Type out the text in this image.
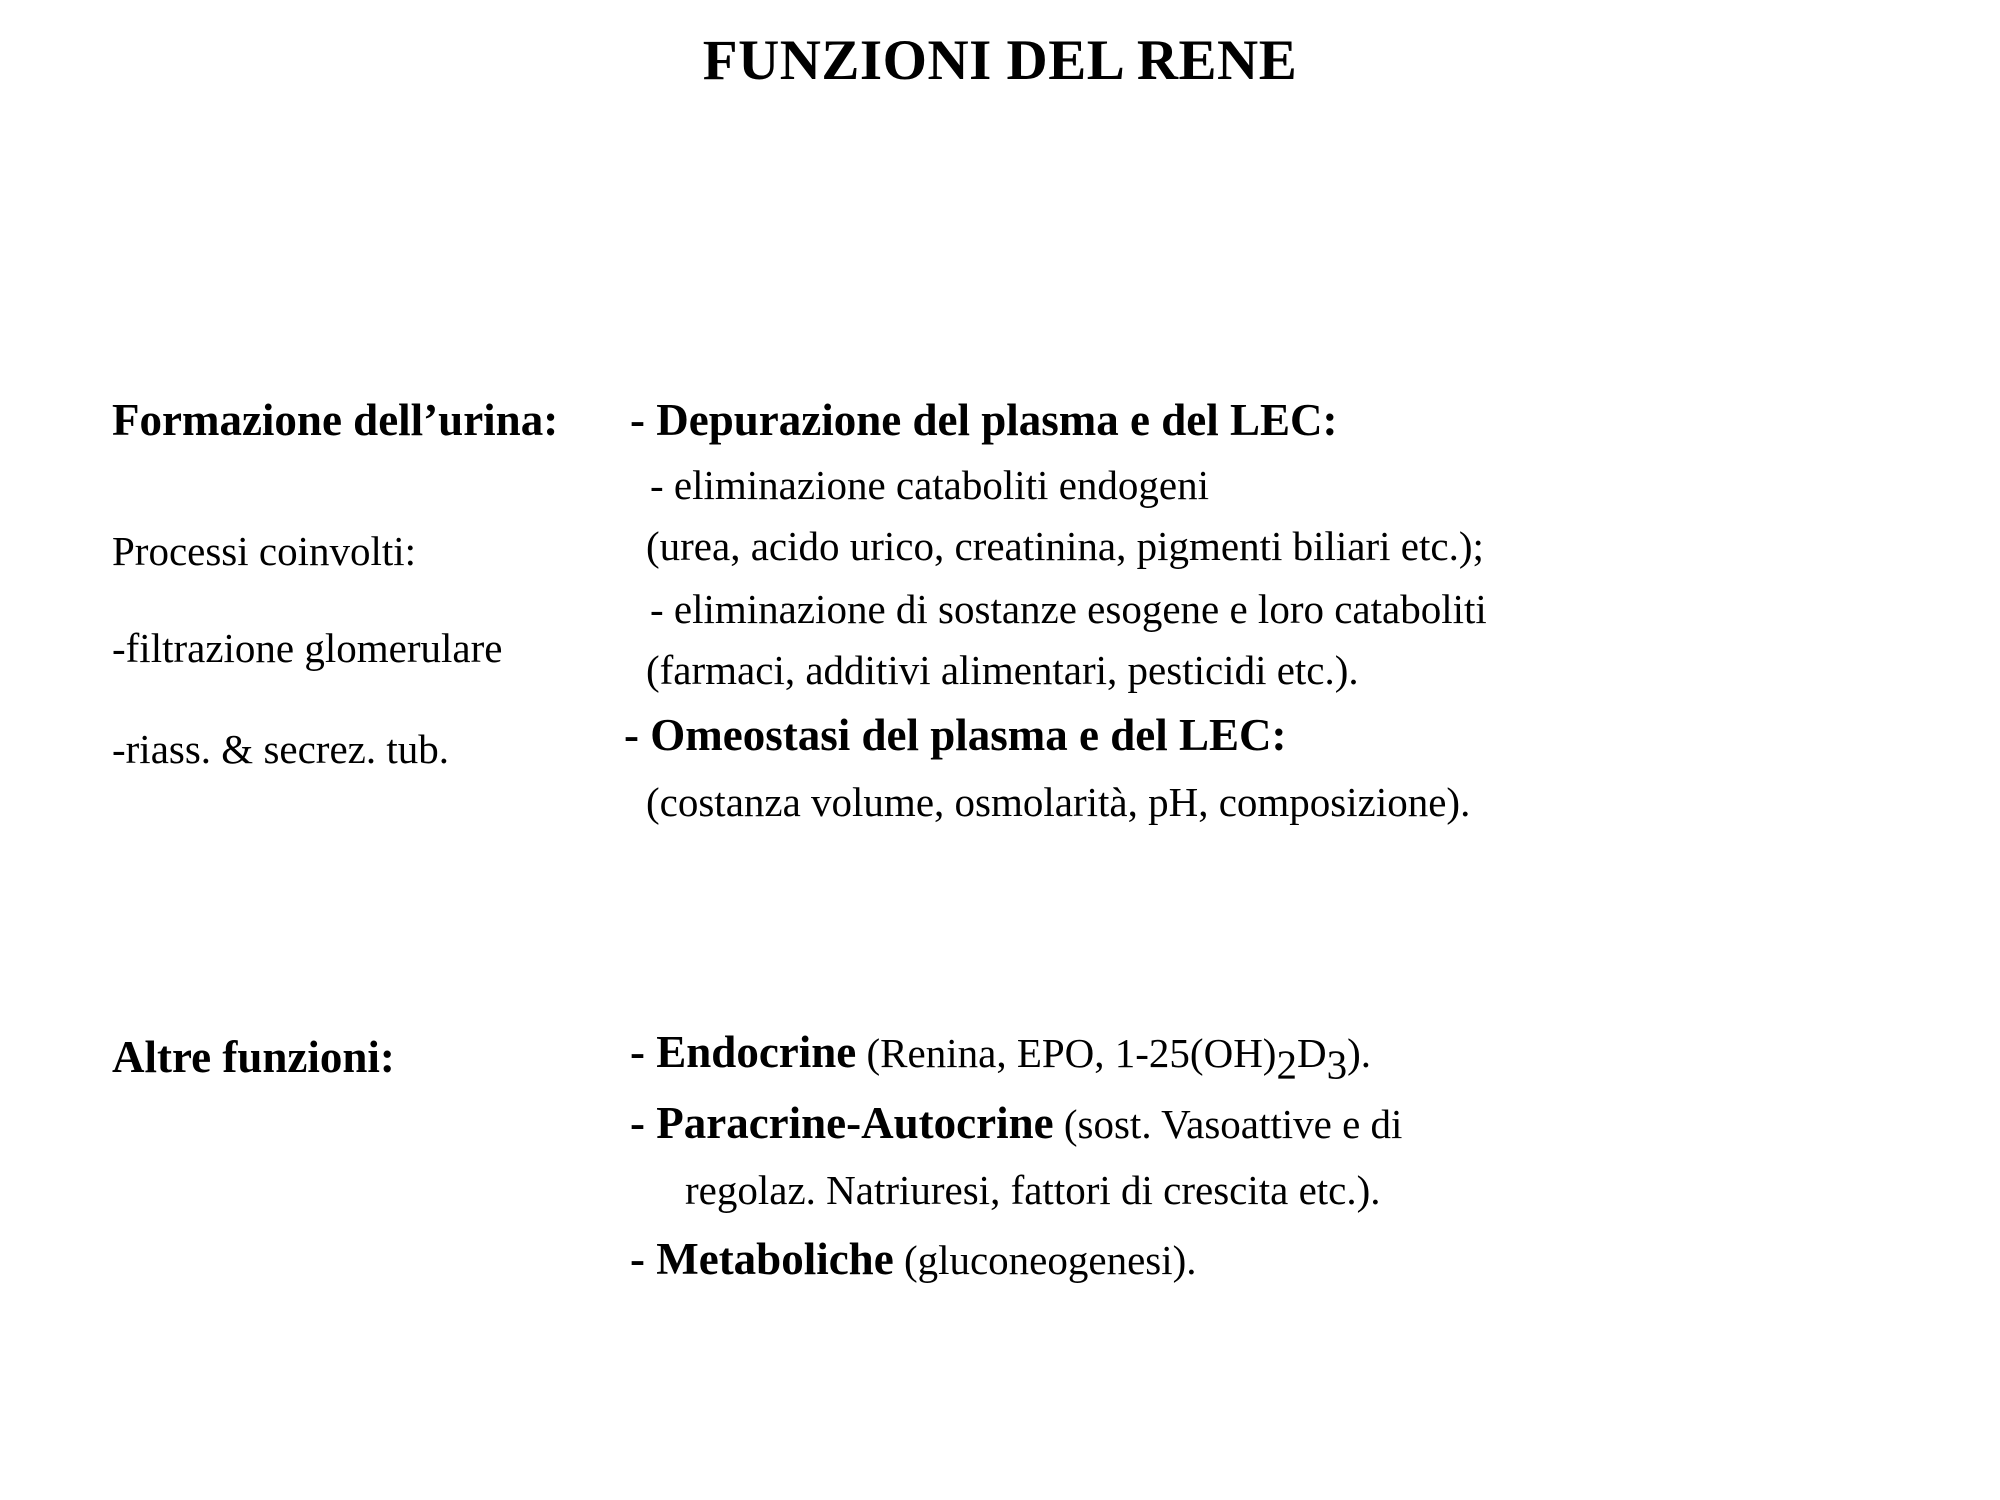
FUNZIONI DEL RENE
Formazione dell’urina:
Processi coinvolti:
-filtrazione glomerulare
-riass. & secrez. tub.
- Depurazione del plasma e del LEC:
- eliminazione cataboliti endogeni
(urea, acido urico, creatinina, pigmenti biliari etc.);
- eliminazione di sostanze esogene e loro cataboliti
(farmaci, additivi alimentari, pesticidi etc.).
- Omeostasi del plasma e del LEC:
(costanza volume, osmolarità, pH, composizione).
Altre funzioni:	- Endocrine (Renina, EPO, $1-25(OH)_2D_3$).
- Paracrine-Autocrine (sost. Vasoattive e di
regolaz. Natriuresi, fattori di crescita etc.).
- Metaboliche (gluconeogenesi).
